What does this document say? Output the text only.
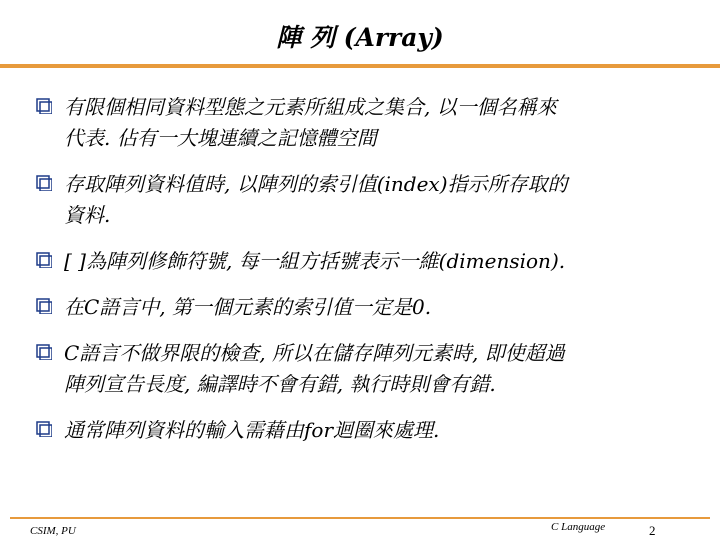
陣 列 (Array)
有限個相同資料型態之元素所組成之集合, 以一個名稱來
代表. 佔有一大塊連續之記憶體空間
存取陣列資料值時, 以陣列的索引值(index)指示所存取的
資料.
[ ]為陣列修飾符號, 每一組方括號表示一維(dimension).
在C語言中, 第一個元素的索引值一定是0.
C語言不做界限的檢查, 所以在儲存陣列元素時, 即使超過
陣列宣告長度, 編譯時不會有錯, 執行時則會有錯.
通常陣列資料的輸入需藉由for迴圈來處理.
CSIM, PU	C Language	2
